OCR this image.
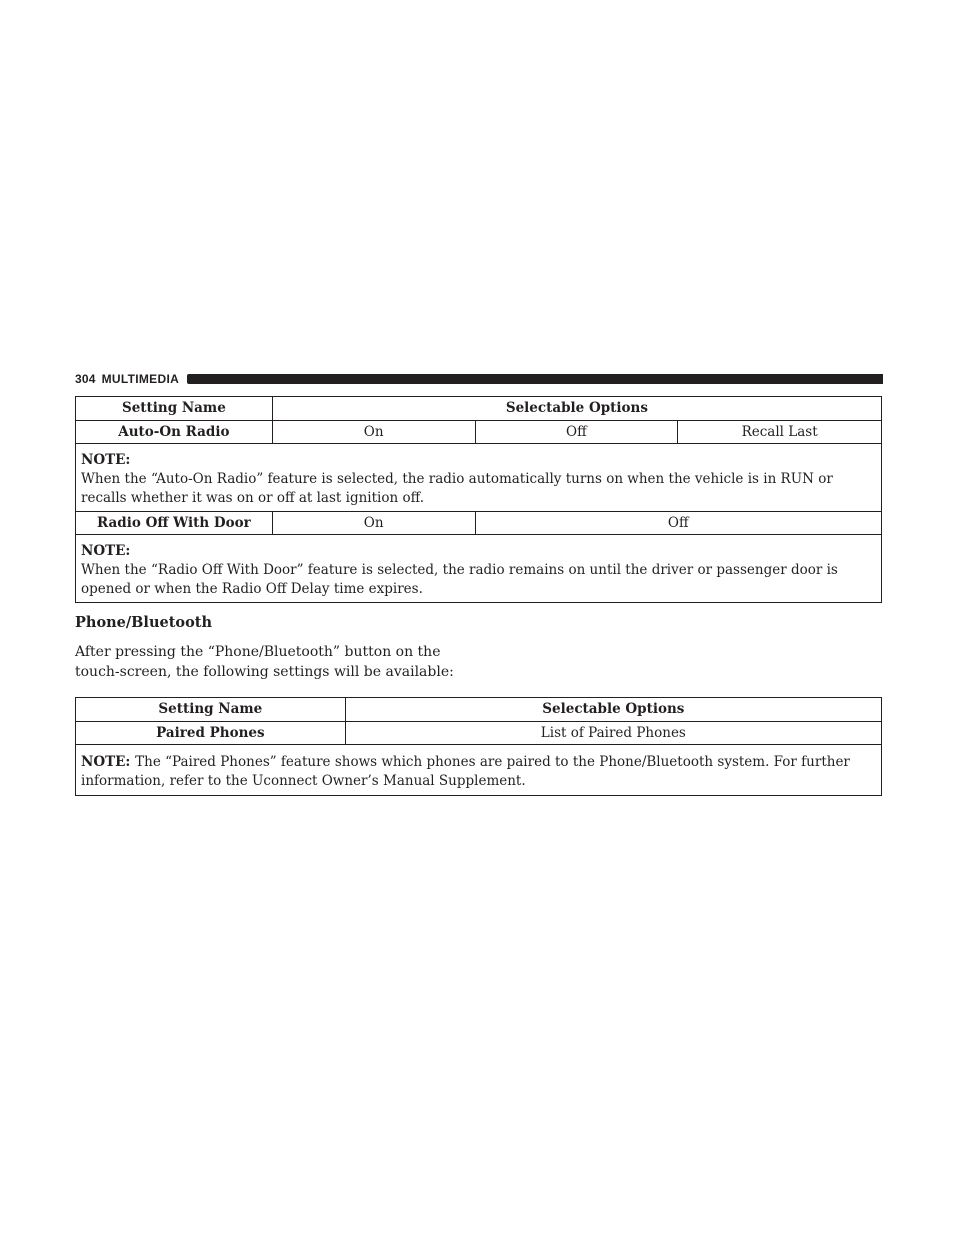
304 MULTIMEDIA
Setting Name	Selectable Options		
Auto-On Radio	On	Off	Recall Last

NOTE:
When the “Auto-On Radio” feature is selected, the radio automatically turns on when the vehicle is in RUN or recalls whether it was on or off at last ignition off.			

Radio Off With Door	On	Off	

NOTE:
When the “Radio Off With Door” feature is selected, the radio remains on until the driver or passenger door is opened or when the Radio Off Delay time expires.			
Phone/Bluetooth
After pressing the “Phone/Bluetooth” button on the touch-screen, the following settings will be available:
Setting Name	Selectable Options
Paired Phones	List of Paired Phones
NOTE: The “Paired Phones” feature shows which phones are paired to the Phone/Bluetooth system. For further information, refer to the Uconnect Owner’s Manual Supplement.	
